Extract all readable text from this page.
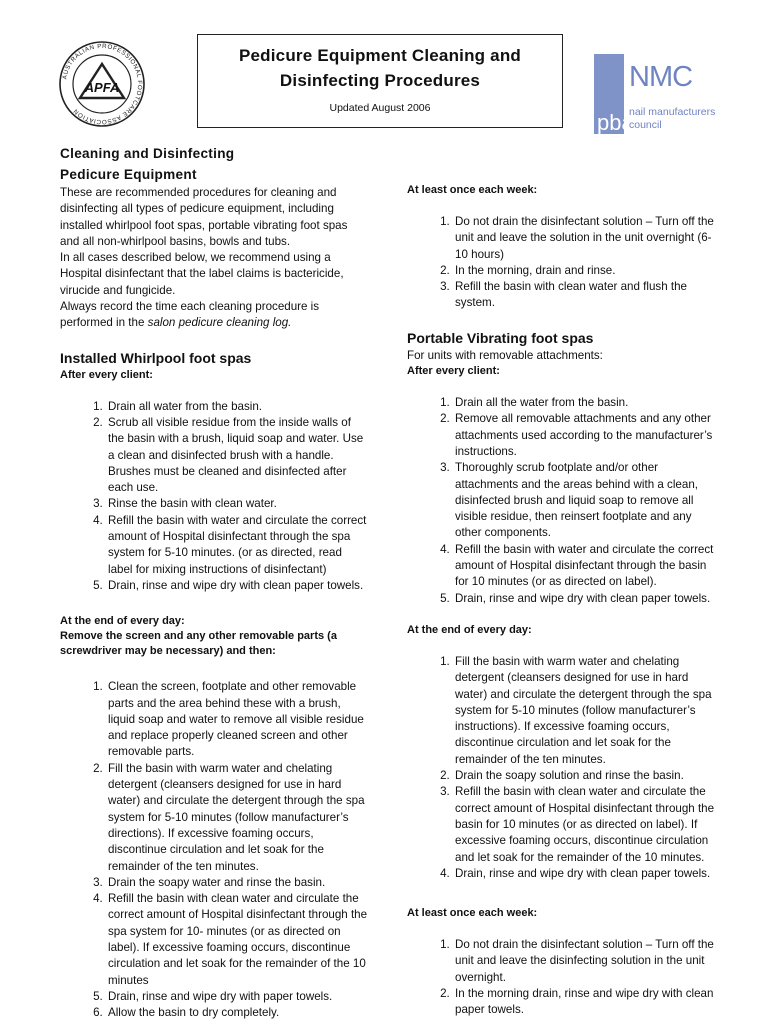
AUSTRALIAN PROFESSIONAL FOOTCARE ASSOCIATION
APFA
Pedicure Equipment Cleaning and
Disinfecting Procedures
Updated August 2006
pba
NMC
nail manufacturers
council
Cleaning and Disinfecting
Pedicure Equipment

These are recommended procedures for cleaning and disinfecting all types of pedicure equipment, including installed whirlpool foot spas, portable vibrating foot spas and all non-whirlpool basins, bowls and tubs.

In all cases described below, we recommend using a Hospital disinfectant that the label claims is bactericide, virucide and fungicide.

Always record the time each cleaning procedure is performed in the salon pedicure cleaning log.

Installed Whirlpool foot spas
After every client:
1. Drain all water from the basin.
2. Scrub all visible residue from the inside walls of the basin with a brush, liquid soap and water. Use a clean and disinfected brush with a handle. Brushes must be cleaned and disinfected after each use.
3. Rinse the basin with clean water.
4. Refill the basin with water and circulate the correct amount of Hospital disinfectant through the spa system for 5-10 minutes. (or as directed, read label for mixing instructions of disinfectant)
5. Drain, rinse and wipe dry with clean paper towels.
At the end of every day:
Remove the screen and any other removable parts (a screwdriver may be necessary) and then:
1. Clean the screen, footplate and other removable parts and the area behind these with a brush, liquid soap and water to remove all visible residue and replace properly cleaned screen and other removable parts.
2. Fill the basin with warm water and chelating detergent (cleansers designed for use in hard water) and circulate the detergent through the spa system for 5-10 minutes (follow manufacturer’s directions). If excessive foaming occurs, discontinue circulation and let soak for the remainder of the ten minutes.
3. Drain the soapy water and rinse the basin.
4. Refill the basin with clean water and circulate the correct amount of Hospital disinfectant through the spa system for 10- minutes (or as directed on label). If excessive foaming occurs, discontinue circulation and let soak for the remainder of the 10 minutes
5. Drain, rinse and wipe dry with paper towels.
6. Allow the basin to dry completely.
At least once each week:
1. Do not drain the disinfectant solution – Turn off the unit and leave the solution in the unit overnight (6-10 hours)
2. In the morning, drain and rinse.
3. Refill the basin with clean water and flush the system.
Portable Vibrating foot spas

For units with removable attachments:

After every client:
1. Drain all the water from the basin.
2. Remove all removable attachments and any other attachments used according to the manufacturer’s instructions.
3. Thoroughly scrub footplate and/or other attachments and the areas behind with a clean, disinfected brush and liquid soap to remove all visible residue, then reinsert footplate and any other components.
4. Refill the basin with water and circulate the correct amount of Hospital disinfectant through the basin for 10 minutes (or as directed on label).
5. Drain, rinse and wipe dry with clean paper towels.
At the end of every day:
1. Fill the basin with warm water and chelating detergent (cleansers designed for use in hard water) and circulate the detergent through the spa system for 5-10 minutes (follow manufacturer’s instructions). If excessive foaming occurs, discontinue circulation and let soak for the remainder of the ten minutes.
2. Drain the soapy solution and rinse the basin.
3. Refill the basin with clean water and circulate the correct amount of Hospital disinfectant through the basin for 10 minutes (or as directed on label). If excessive foaming occurs, discontinue circulation and let soak for the remainder of the 10 minutes.
4. Drain, rinse and wipe dry with clean paper towels.
At least once each week:
1. Do not drain the disinfectant solution – Turn off the unit and leave the disinfecting solution in the unit overnight.
2. In the morning drain, rinse and wipe dry with clean paper towels.
